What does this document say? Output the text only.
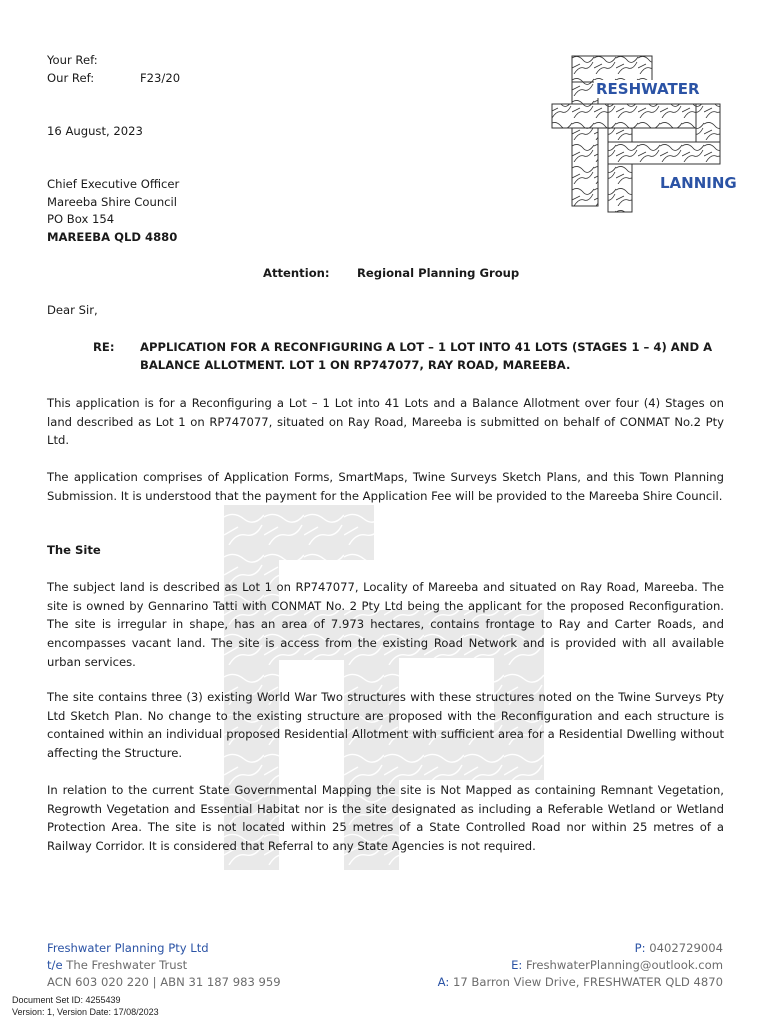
RESHWATER
LANNING
Your Ref:
Our Ref:	F23/20
16 August, 2023
Chief Executive Officer
Mareeba Shire Council
PO Box 154
MAREEBA QLD 4880
Attention: Regional Planning Group
Dear Sir,
RE: APPLICATION FOR A RECONFIGURING A LOT – 1 LOT INTO 41 LOTS (STAGES 1 – 4) AND A
BALANCE ALLOTMENT. LOT 1 ON RP747077, RAY ROAD, MAREEBA.
This application is for a Reconfiguring a Lot – 1 Lot into 41 Lots and a Balance Allotment over four (4) Stages on land described as Lot 1 on RP747077, situated on Ray Road, Mareeba is submitted on behalf of CONMAT No.2 Pty Ltd.
The application comprises of Application Forms, SmartMaps, Twine Surveys Sketch Plans, and this Town Planning Submission. It is understood that the payment for the Application Fee will be provided to the Mareeba Shire Council.
The Site
The subject land is described as Lot 1 on RP747077, Locality of Mareeba and situated on Ray Road, Mareeba. The site is owned by Gennarino Tatti with CONMAT No. 2 Pty Ltd being the applicant for the proposed Reconfiguration. The site is irregular in shape, has an area of 7.973 hectares, contains frontage to Ray and Carter Roads, and encompasses vacant land. The site is access from the existing Road Network and is provided with all available urban services.
The site contains three (3) existing World War Two structures with these structures noted on the Twine Surveys Pty Ltd Sketch Plan. No change to the existing structure are proposed with the Reconfiguration and each structure is contained within an individual proposed Residential Allotment with sufficient area for a Residential Dwelling without affecting the Structure.
In relation to the current State Governmental Mapping the site is Not Mapped as containing Remnant Vegetation, Regrowth Vegetation and Essential Habitat nor is the site designated as including a Referable Wetland or Wetland Protection Area. The site is not located within 25 metres of a State Controlled Road nor within 25 metres of a Railway Corridor. It is considered that Referral to any State Agencies is not required.
Freshwater Planning Pty Ltd
t/e The Freshwater Trust
ACN 603 020 220 | ABN 31 187 983 959
P: 0402729004
E: FreshwaterPlanning@outlook.com
A: 17 Barron View Drive, FRESHWATER QLD 4870
Document Set ID: 4255439
Version: 1, Version Date: 17/08/2023
